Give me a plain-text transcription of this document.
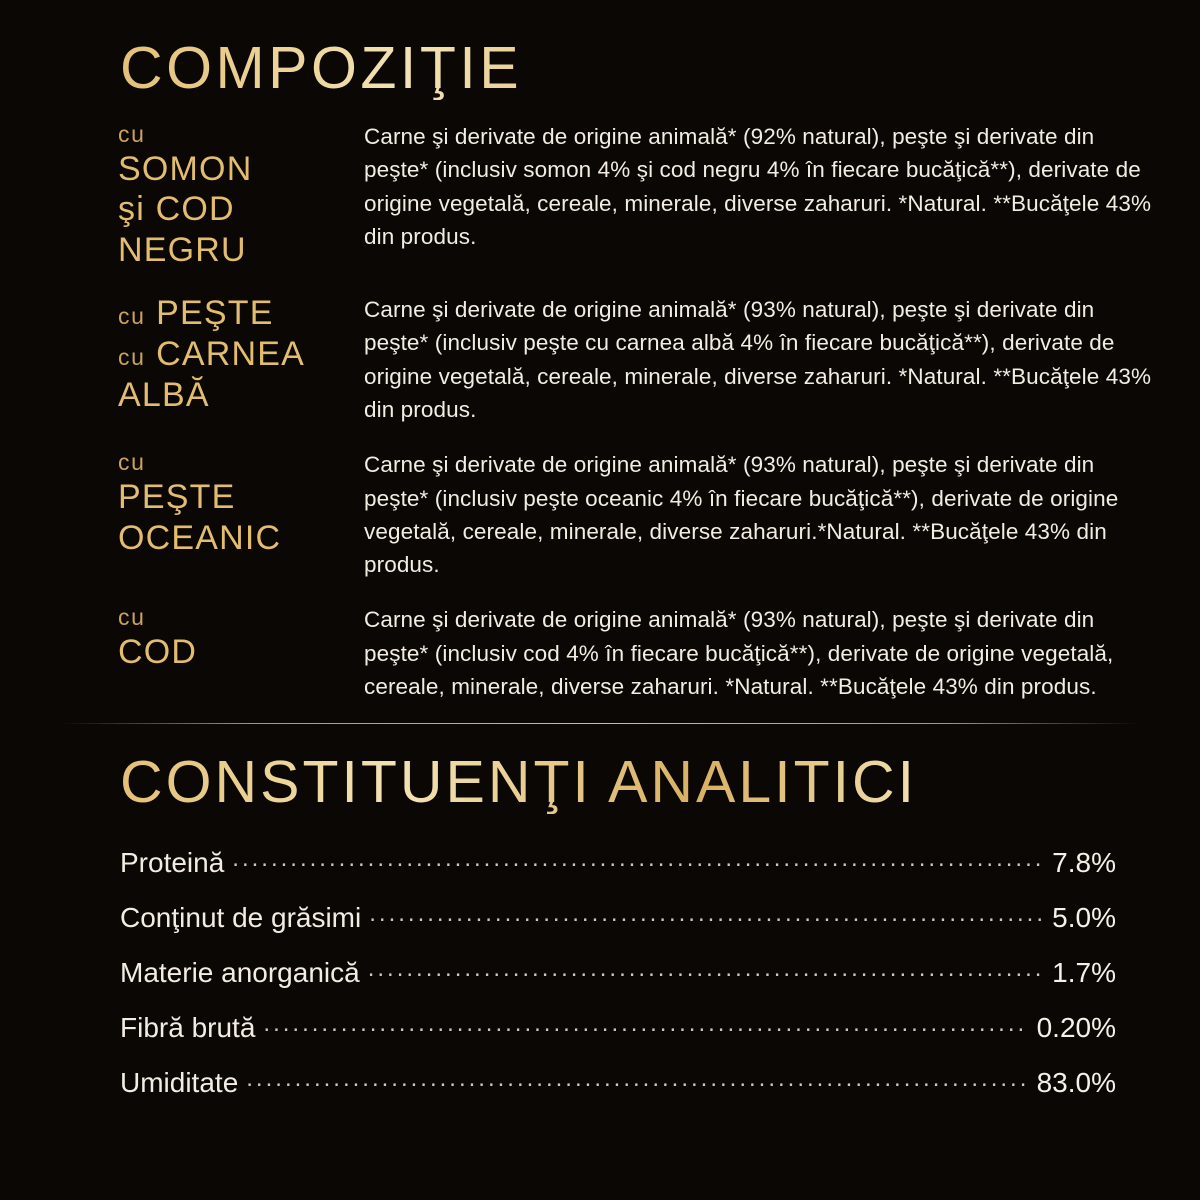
COMPOZIŢIE
cu
SOMON
şi COD
NEGRU
Carne şi derivate de origine animală* (92% natural), peşte şi derivate din peşte* (inclusiv somon 4% şi cod negru 4% în fiecare bucăţică**), derivate de origine vegetală, cereale, minerale, diverse zaharuri. *Natural. **Bucăţele 43% din produs.
cu PEŞTE
cu CARNEA
ALBĂ
Carne şi derivate de origine animală* (93% natural), peşte şi derivate din peşte* (inclusiv peşte cu carnea albă 4% în fiecare bucăţică**), derivate de origine vegetală, cereale, minerale, diverse zaharuri. *Natural. **Bucăţele 43% din produs.
cu
PEŞTE
OCEANIC
Carne şi derivate de origine animală* (93% natural), peşte şi derivate din peşte* (inclusiv peşte oceanic 4% în fiecare bucăţică**), derivate de origine vegetală, cereale, minerale, diverse zaharuri.*Natural. **Bucăţele 43% din produs.
cu
COD
Carne şi derivate de origine animală* (93% natural), peşte şi derivate din peşte* (inclusiv cod 4% în fiecare bucăţică**), derivate de origine vegetală, cereale, minerale, diverse zaharuri. *Natural. **Bucăţele 43% din produs.
CONSTITUENŢI ANALITICI
Proteină .....	7.8%
Conţinut de grăsimi .....	5.0%
Materie anorganică .....	1.7%
Fibră brută .....	0.20%
Umiditate .....	83.0%
